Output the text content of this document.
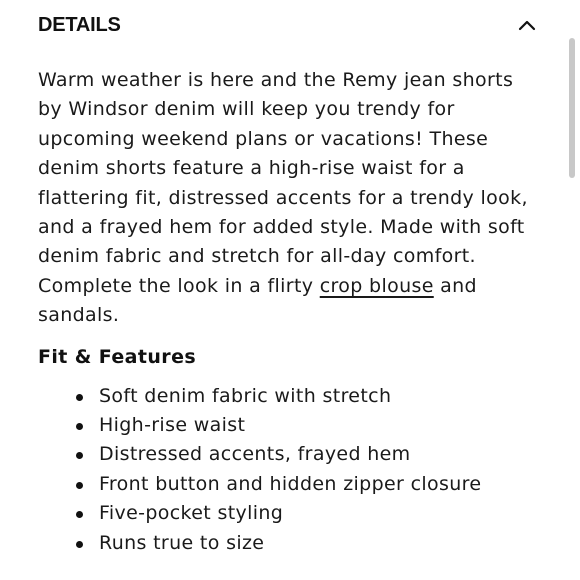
DETAILS

Warm weather is here and the Remy jean shorts by Windsor denim will keep you trendy for upcoming weekend plans or vacations! These denim shorts feature a high-rise waist for a flattering fit, distressed accents for a trendy look, and a frayed hem for added style. Made with soft denim fabric and stretch for all-day comfort. Complete the look in a flirty crop blouse and sandals.

Fit & Features
Soft denim fabric with stretch
High-rise waist
Distressed accents, frayed hem
Front button and hidden zipper closure
Five-pocket styling
Runs true to size
